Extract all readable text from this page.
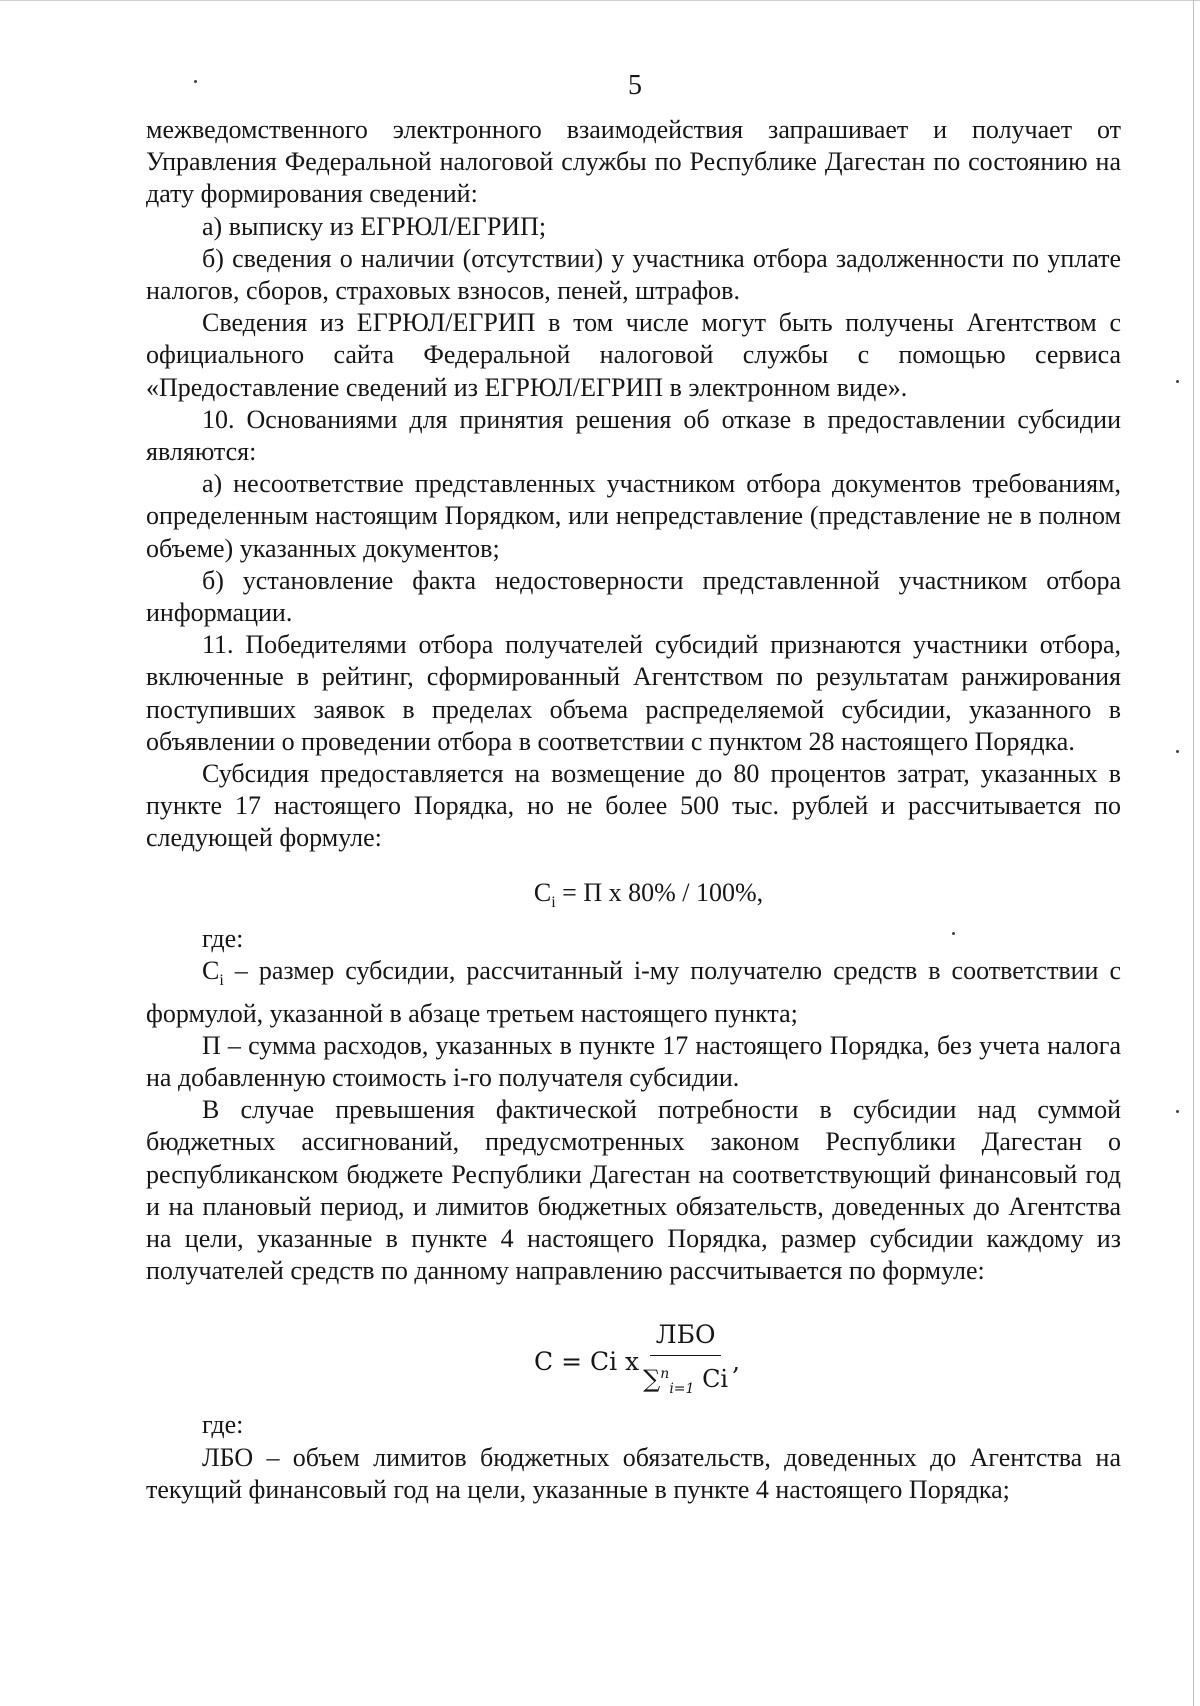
5

межведомственного электронного взаимодействия запрашивает и получает от Управления Федеральной налоговой службы по Республике Дагестан по состоянию на дату формирования сведений:

а) выписку из ЕГРЮЛ/ЕГРИП;

б) сведения о наличии (отсутствии) у участника отбора задолженности по уплате налогов, сборов, страховых взносов, пеней, штрафов.

Сведения из ЕГРЮЛ/ЕГРИП в том числе могут быть получены Агентством с официального сайта Федеральной налоговой службы с помощью сервиса «Предоставление сведений из ЕГРЮЛ/ЕГРИП в электронном виде».

10. Основаниями для принятия решения об отказе в предоставлении субсидии являются:

а) несоответствие представленных участником отбора документов требованиям, определенным настоящим Порядком, или непредставление (представление не в полном объеме) указанных документов;

б) установление факта недостоверности представленной участником отбора информации.

11. Победителями отбора получателей субсидий признаются участники отбора, включенные в рейтинг, сформированный Агентством по результатам ранжирования поступивших заявок в пределах объема распределяемой субсидии, указанного в объявлении о проведении отбора в соответствии с пунктом 28 настоящего Порядка.

Субсидия предоставляется на возмещение до 80 процентов затрат, указанных в пункте 17 настоящего Порядка, но не более 500 тыс. рублей и рассчитывается по следующей формуле:

$C_i = П$ х 80% / 100%,

где:

$C_i$ – размер субсидии, рассчитанный i-му получателю средств в соответствии с формулой, указанной в абзаце третьем настоящего пункта;

П – сумма расходов, указанных в пункте 17 настоящего Порядка, без учета налога на добавленную стоимость i-го получателя субсидии.

В случае превышения фактической потребности в субсидии над суммой бюджетных ассигнований, предусмотренных законом Республики Дагестан о республиканском бюджете Республики Дагестан на соответствующий финансовый год и на плановый период, и лимитов бюджетных обязательств, доведенных до Агентства на цели, указанные в пункте 4 настоящего Порядка, размер субсидии каждому из получателей средств по данному направлению рассчитывается по формуле:

C = Ci x $\frac{\text{ЛБО}}{\sum^n_{i=1} Ci}$ ,

где:

ЛБО – объем лимитов бюджетных обязательств, доведенных до Агентства на текущий финансовый год на цели, указанные в пункте 4 настоящего Порядка;
